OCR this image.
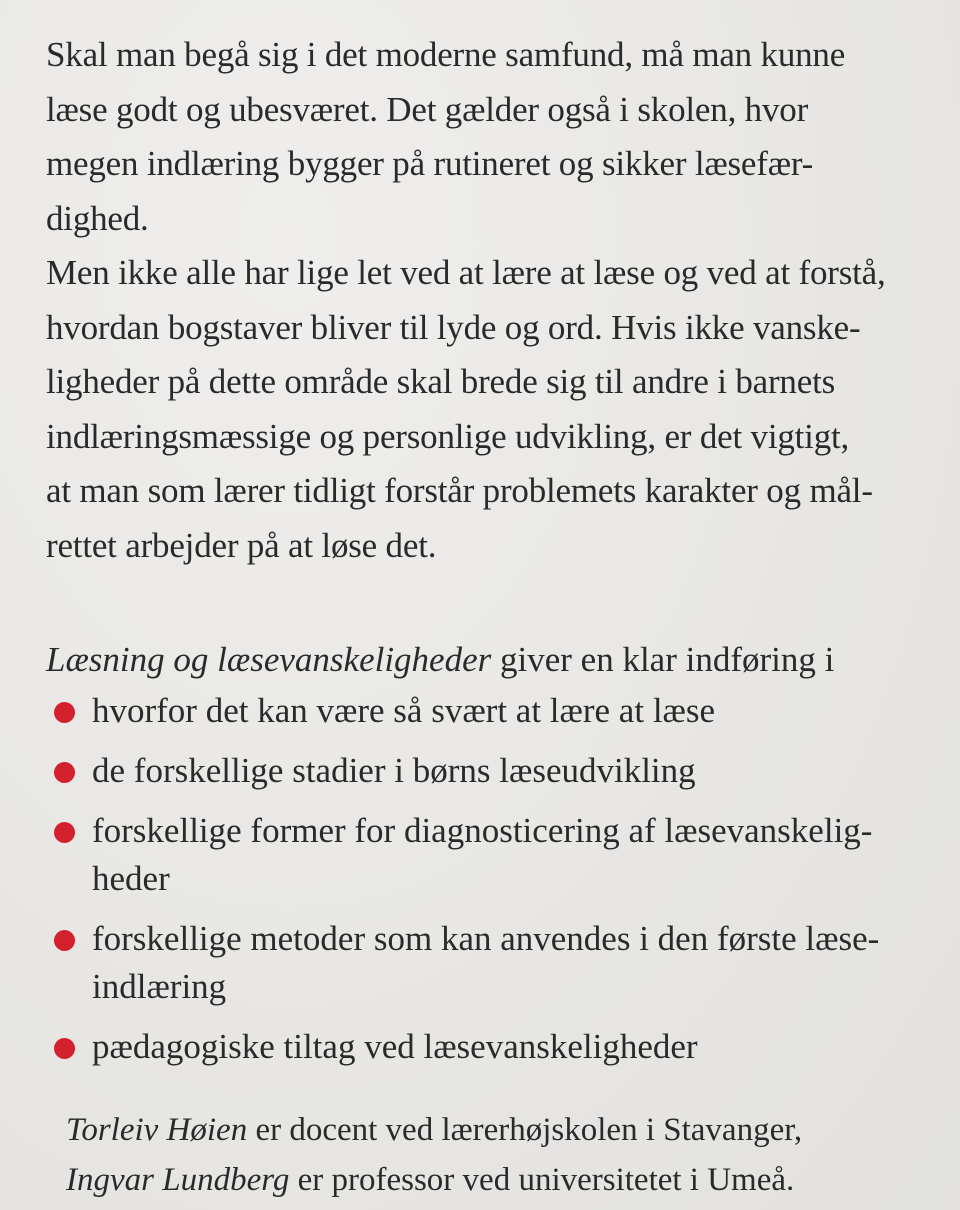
Skal man begå sig i det moderne samfund, må man kunne
læse godt og ubesværet. Det gælder også i skolen, hvor
megen indlæring bygger på rutineret og sikker læsefær-
dighed.

Men ikke alle har lige let ved at lære at læse og ved at forstå,
hvordan bogstaver bliver til lyde og ord. Hvis ikke vanske-
ligheder på dette område skal brede sig til andre i barnets
indlæringsmæssige og personlige udvikling, er det vigtigt,
at man som lærer tidligt forstår problemets karakter og mål-
rettet arbejder på at løse det.

Læsning og læsevanskeligheder giver en klar indføring i
hvorfor det kan være så svært at lære at læse
de forskellige stadier i børns læseudvikling
forskellige former for diagnosticering af læsevanskelig-
heder
forskellige metoder som kan anvendes i den første læse-
indlæring
pædagogiske tiltag ved læsevanskeligheder
Torleiv Høien er docent ved lærerhøjskolen i Stavanger,
Ingvar Lundberg er professor ved universitetet i Umeå.
